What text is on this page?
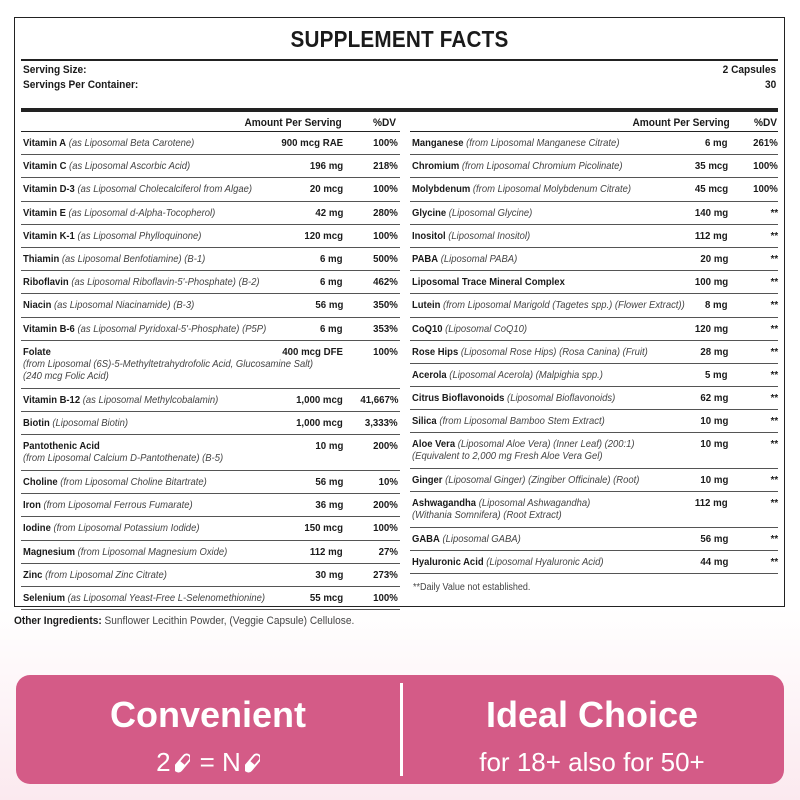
SUPPLEMENT FACTS
Serving Size:	2 Capsules
Servings Per Container:	30
Amount Per Serving	%DV
Vitamin A (as Liposomal Beta Carotene)	900 mcg RAE	100%
Vitamin C (as Liposomal Ascorbic Acid)	196 mg	218%
Vitamin D-3 (as Liposomal Cholecalciferol from Algae)	20 mcg	100%
Vitamin E (as Liposomal d-Alpha-Tocopherol)	42 mg	280%
Vitamin K-1 (as Liposomal Phylloquinone)	120 mcg	100%
Thiamin (as Liposomal Benfotiamine) (B-1)	6 mg	500%
Riboflavin (as Liposomal Riboflavin-5'-Phosphate) (B-2)	6 mg	462%
Niacin (as Liposomal Niacinamide) (B-3)	56 mg	350%
Vitamin B-6 (as Liposomal Pyridoxal-5'-Phosphate) (P5P)	6 mg	353%
Folate
(from Liposomal (6S)-5-Methyltetrahydrofolic Acid, Glucosamine Salt)
(240 mcg Folic Acid)
400 mcg DFE	100%
Vitamin B-12 (as Liposomal Methylcobalamin)	1,000 mcg 41,667%
Biotin (Liposomal Biotin)	1,000 mcg 3,333%
Pantothenic Acid
(from Liposomal Calcium D-Pantothenate) (B-5)
10 mg	200%
Choline (from Liposomal Choline Bitartrate)	56 mg	10%
Iron (from Liposomal Ferrous Fumarate)	36 mg	200%
Iodine (from Liposomal Potassium Iodide)	150 mcg	100%
Magnesium (from Liposomal Magnesium Oxide)	112 mg	27%
Zinc (from Liposomal Zinc Citrate)	30 mg	273%
Selenium (as Liposomal Yeast-Free L-Selenomethionine)	55 mcg	100%
Amount Per Serving %DV
Manganese (from Liposomal Manganese Citrate)	6 mg 261%
Chromium (from Liposomal Chromium Picolinate)	35 mcg 100%
Molybdenum (from Liposomal Molybdenum Citrate)	45 mcg 100%
Glycine (Liposomal Glycine)	140 mg	**
Inositol (Liposomal Inositol)	112 mg	**
PABA (Liposomal PABA)	20 mg	**
Liposomal Trace Mineral Complex	100 mg	**
Lutein (from Liposomal Marigold (Tagetes spp.) (Flower Extract)) 8 mg	**
CoQ10 (Liposomal CoQ10)	120 mg	**
Rose Hips (Liposomal Rose Hips) (Rosa Canina) (Fruit)	28 mg	**
Acerola (Liposomal Acerola) (Malpighia spp.)	5 mg	**
Citrus Bioflavonoids (Liposomal Bioflavonoids)	62 mg	**
Silica (from Liposomal Bamboo Stem Extract)	10 mg	**
Aloe Vera (Liposomal Aloe Vera) (Inner Leaf) (200:1)
(Equivalent to 2,000 mg Fresh Aloe Vera Gel)
10 mg	**
Ginger (Liposomal Ginger) (Zingiber Officinale) (Root)	10 mg	**
Ashwagandha (Liposomal Ashwagandha)
(Withania Somnifera) (Root Extract)
112 mg	**
GABA (Liposomal GABA)	56 mg	**
Hyaluronic Acid (Liposomal Hyaluronic Acid)	44 mg	**
**Daily Value not established.
Other Ingredients: Sunflower Lecithin Powder, (Veggie Capsule) Cellulose.
Convenient
2 = N
Ideal Choice
for 18+ also for 50+
